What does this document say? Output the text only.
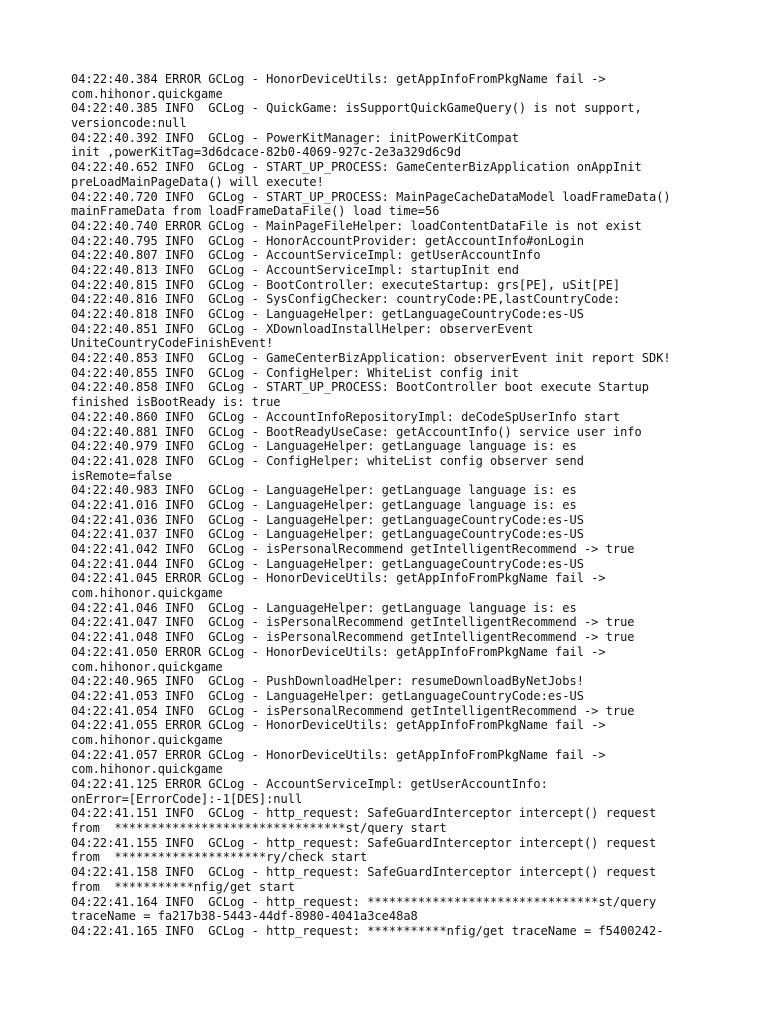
04:22:40.384 ERROR GCLog - HonorDeviceUtils: getAppInfoFromPkgName fail ->
com.hihonor.quickgame
04:22:40.385 INFO  GCLog - QuickGame: isSupportQuickGameQuery() is not support,
versioncode:null
04:22:40.392 INFO  GCLog - PowerKitManager: initPowerKitCompat
init ,powerKitTag=3d6dcace-82b0-4069-927c-2e3a329d6c9d
04:22:40.652 INFO  GCLog - START_UP_PROCESS: GameCenterBizApplication onAppInit
preLoadMainPageData() will execute!
04:22:40.720 INFO  GCLog - START_UP_PROCESS: MainPageCacheDataModel loadFrameData()
mainFrameData from loadFrameDataFile() load time=56
04:22:40.740 ERROR GCLog - MainPageFileHelper: loadContentDataFile is not exist
04:22:40.795 INFO  GCLog - HonorAccountProvider: getAccountInfo#onLogin
04:22:40.807 INFO  GCLog - AccountServiceImpl: getUserAccountInfo
04:22:40.813 INFO  GCLog - AccountServiceImpl: startupInit end
04:22:40.815 INFO  GCLog - BootController: executeStartup: grs[PE], uSit[PE]
04:22:40.816 INFO  GCLog - SysConfigChecker: countryCode:PE,lastCountryCode:
04:22:40.818 INFO  GCLog - LanguageHelper: getLanguageCountryCode:es-US
04:22:40.851 INFO  GCLog - XDownloadInstallHelper: observerEvent
UniteCountryCodeFinishEvent!
04:22:40.853 INFO  GCLog - GameCenterBizApplication: observerEvent init report SDK!
04:22:40.855 INFO  GCLog - ConfigHelper: WhiteList config init
04:22:40.858 INFO  GCLog - START_UP_PROCESS: BootController boot execute Startup
finished isBootReady is: true
04:22:40.860 INFO  GCLog - AccountInfoRepositoryImpl: deCodeSpUserInfo start
04:22:40.881 INFO  GCLog - BootReadyUseCase: getAccountInfo() service user info
04:22:40.979 INFO  GCLog - LanguageHelper: getLanguage language is: es
04:22:41.028 INFO  GCLog - ConfigHelper: whiteList config observer send
isRemote=false
04:22:40.983 INFO  GCLog - LanguageHelper: getLanguage language is: es
04:22:41.016 INFO  GCLog - LanguageHelper: getLanguage language is: es
04:22:41.036 INFO  GCLog - LanguageHelper: getLanguageCountryCode:es-US
04:22:41.037 INFO  GCLog - LanguageHelper: getLanguageCountryCode:es-US
04:22:41.042 INFO  GCLog - isPersonalRecommend getIntelligentRecommend -> true
04:22:41.044 INFO  GCLog - LanguageHelper: getLanguageCountryCode:es-US
04:22:41.045 ERROR GCLog - HonorDeviceUtils: getAppInfoFromPkgName fail ->
com.hihonor.quickgame
04:22:41.046 INFO  GCLog - LanguageHelper: getLanguage language is: es
04:22:41.047 INFO  GCLog - isPersonalRecommend getIntelligentRecommend -> true
04:22:41.048 INFO  GCLog - isPersonalRecommend getIntelligentRecommend -> true
04:22:41.050 ERROR GCLog - HonorDeviceUtils: getAppInfoFromPkgName fail ->
com.hihonor.quickgame
04:22:40.965 INFO  GCLog - PushDownloadHelper: resumeDownloadByNetJobs!
04:22:41.053 INFO  GCLog - LanguageHelper: getLanguageCountryCode:es-US
04:22:41.054 INFO  GCLog - isPersonalRecommend getIntelligentRecommend -> true
04:22:41.055 ERROR GCLog - HonorDeviceUtils: getAppInfoFromPkgName fail ->
com.hihonor.quickgame
04:22:41.057 ERROR GCLog - HonorDeviceUtils: getAppInfoFromPkgName fail ->
com.hihonor.quickgame
04:22:41.125 ERROR GCLog - AccountServiceImpl: getUserAccountInfo:
onError=[ErrorCode]:-1[DES]:null
04:22:41.151 INFO  GCLog - http_request: SafeGuardInterceptor intercept() request
from  ********************************st/query start
04:22:41.155 INFO  GCLog - http_request: SafeGuardInterceptor intercept() request
from  *********************ry/check start
04:22:41.158 INFO  GCLog - http_request: SafeGuardInterceptor intercept() request
from  ***********nfig/get start
04:22:41.164 INFO  GCLog - http_request: ********************************st/query
traceName = fa217b38-5443-44df-8980-4041a3ce48a8
04:22:41.165 INFO  GCLog - http_request: ***********nfig/get traceName = f5400242-
